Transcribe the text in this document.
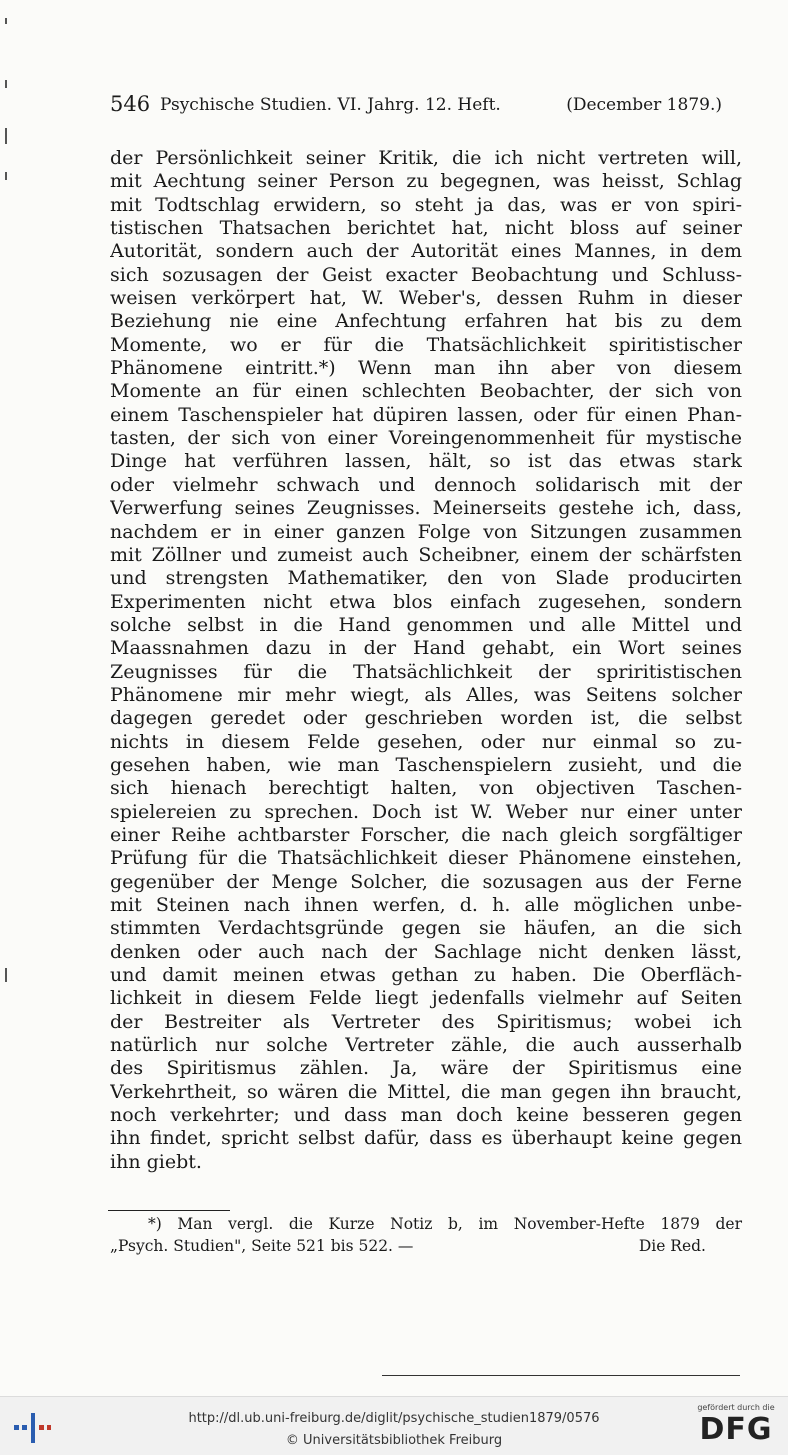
546 Psychische Studien. VI. Jahrg. 12. Heft.	(December 1879.)
der Persönlichkeit seiner Kritik, die ich nicht vertreten will,
mit Aechtung seiner Person zu begegnen, was heisst, Schlag
mit Todtschlag erwidern, so steht ja das, was er von spiri-
tistischen Thatsachen berichtet hat, nicht bloss auf seiner
Autorität, sondern auch der Autorität eines Mannes, in dem
sich sozusagen der Geist exacter Beobachtung und Schluss-
weisen verkörpert hat, W. Weber's, dessen Ruhm in dieser
Beziehung nie eine Anfechtung erfahren hat bis zu dem
Momente, wo er für die Thatsächlichkeit spiritistischer
Phänomene eintritt.*) Wenn man ihn aber von diesem
Momente an für einen schlechten Beobachter, der sich von
einem Taschenspieler hat düpiren lassen, oder für einen Phan-
tasten, der sich von einer Voreingenommenheit für mystische
Dinge hat verführen lassen, hält, so ist das etwas stark
oder vielmehr schwach und dennoch solidarisch mit der
Verwerfung seines Zeugnisses. Meinerseits gestehe ich, dass,
nachdem er in einer ganzen Folge von Sitzungen zusammen
mit Zöllner und zumeist auch Scheibner, einem der schärfsten
und strengsten Mathematiker, den von Slade producirten
Experimenten nicht etwa blos einfach zugesehen, sondern
solche selbst in die Hand genommen und alle Mittel und
Maassnahmen dazu in der Hand gehabt, ein Wort seines
Zeugnisses für die Thatsächlichkeit der spriritistischen
Phänomene mir mehr wiegt, als Alles, was Seitens solcher
dagegen geredet oder geschrieben worden ist, die selbst
nichts in diesem Felde gesehen, oder nur einmal so zu-
gesehen haben, wie man Taschenspielern zusieht, und die
sich hienach berechtigt halten, von objectiven Taschen-
spielereien zu sprechen. Doch ist W. Weber nur einer unter
einer Reihe achtbarster Forscher, die nach gleich sorgfältiger
Prüfung für die Thatsächlichkeit dieser Phänomene einstehen,
gegenüber der Menge Solcher, die sozusagen aus der Ferne
mit Steinen nach ihnen werfen, d. h. alle möglichen unbe-
stimmten Verdachtsgründe gegen sie häufen, an die sich
denken oder auch nach der Sachlage nicht denken lässt,
und damit meinen etwas gethan zu haben. Die Oberfläch-
lichkeit in diesem Felde liegt jedenfalls vielmehr auf Seiten
der Bestreiter als Vertreter des Spiritismus; wobei ich
natürlich nur solche Vertreter zähle, die auch ausserhalb
des Spiritismus zählen. Ja, wäre der Spiritismus eine
Verkehrtheit, so wären die Mittel, die man gegen ihn braucht,
noch verkehrter; und dass man doch keine besseren gegen
ihn findet, spricht selbst dafür, dass es überhaupt keine gegen
ihn giebt.
*) Man vergl. die Kurze Notiz b, im November-Hefte 1879 der
„Psych. Studien", Seite 521 bis 522. —	Die Red.
http://dl.ub.uni-freiburg.de/diglit/psychische_studien1879/0576
© Universitätsbibliothek Freiburg
gefördert durch die
DFG
